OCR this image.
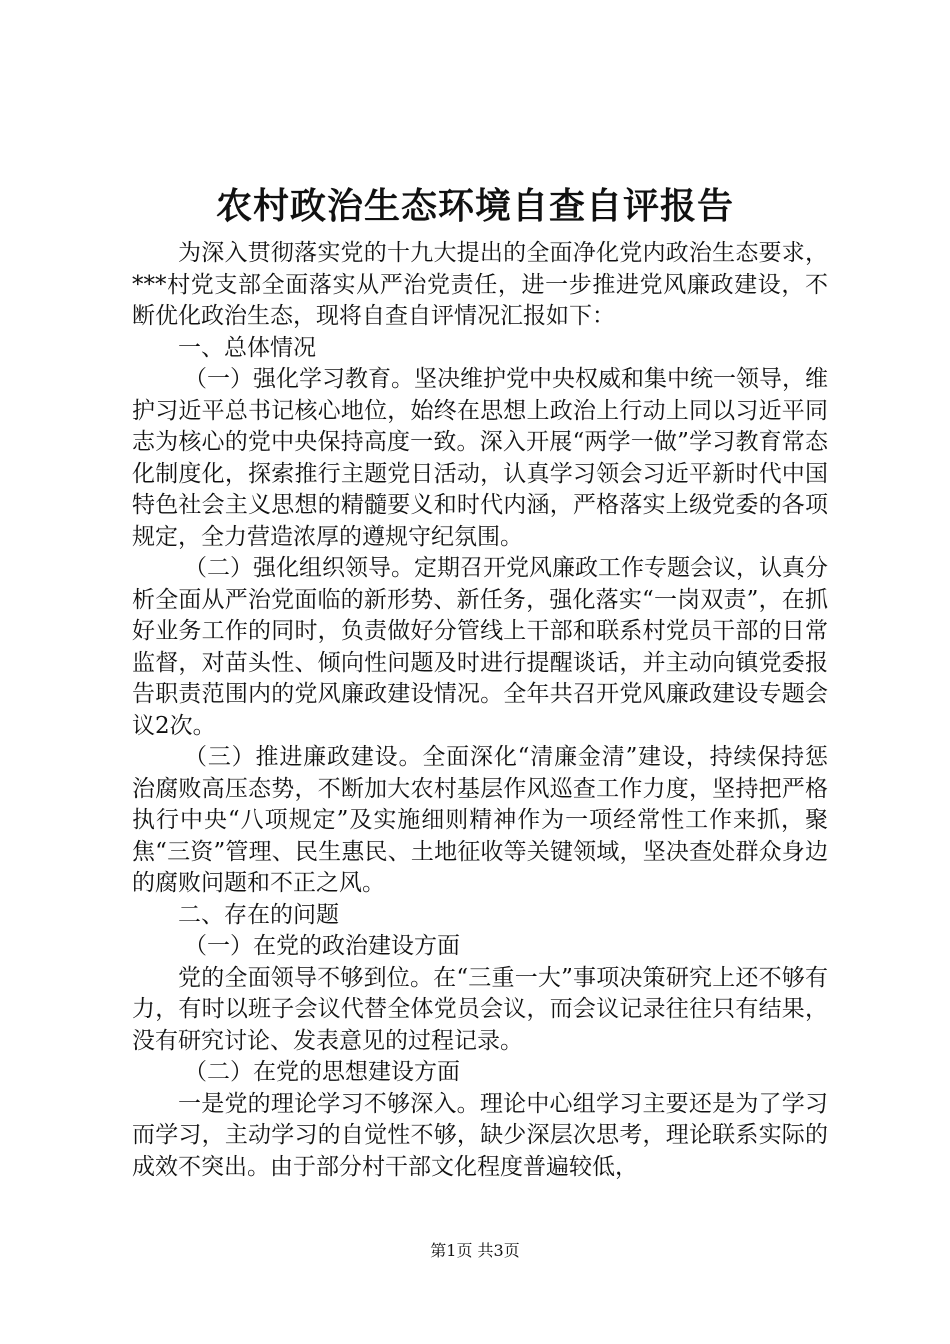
农村政治生态环境自查自评报告

为深入贯彻落实党的十九大提出的全面净化党内政治生态要求，***村党支部全面落实从严治党责任，进一步推进党风廉政建设，不断优化政治生态，现将自查自评情况汇报如下：

一、总体情况

（一）强化学习教育。坚决维护党中央权威和集中统一领导，维护习近平总书记核心地位，始终在思想上政治上行动上同以习近平同志为核心的党中央保持高度一致。深入开展“两学一做”学习教育常态化制度化，探索推行主题党日活动，认真学习领会习近平新时代中国特色社会主义思想的精髓要义和时代内涵，严格落实上级党委的各项规定，全力营造浓厚的遵规守纪氛围。

（二）强化组织领导。定期召开党风廉政工作专题会议，认真分析全面从严治党面临的新形势、新任务，强化落实“一岗双责”，在抓好业务工作的同时，负责做好分管线上干部和联系村党员干部的日常监督，对苗头性、倾向性问题及时进行提醒谈话，并主动向镇党委报告职责范围内的党风廉政建设情况。全年共召开党风廉政建设专题会议2次。

（三）推进廉政建设。全面深化“清廉金清”建设，持续保持惩治腐败高压态势，不断加大农村基层作风巡查工作力度，坚持把严格执行中央“八项规定”及实施细则精神作为一项经常性工作来抓，聚焦“三资”管理、民生惠民、土地征收等关键领域，坚决查处群众身边的腐败问题和不正之风。

二、存在的问题

（一）在党的政治建设方面

党的全面领导不够到位。在“三重一大”事项决策研究上还不够有力，有时以班子会议代替全体党员会议，而会议记录往往只有结果，没有研究讨论、发表意见的过程记录。

（二）在党的思想建设方面

一是党的理论学习不够深入。理论中心组学习主要还是为了学习而学习，主动学习的自觉性不够，缺少深层次思考，理论联系实际的成效不突出。由于部分村干部文化程度普遍较低，

第1页 共3页
